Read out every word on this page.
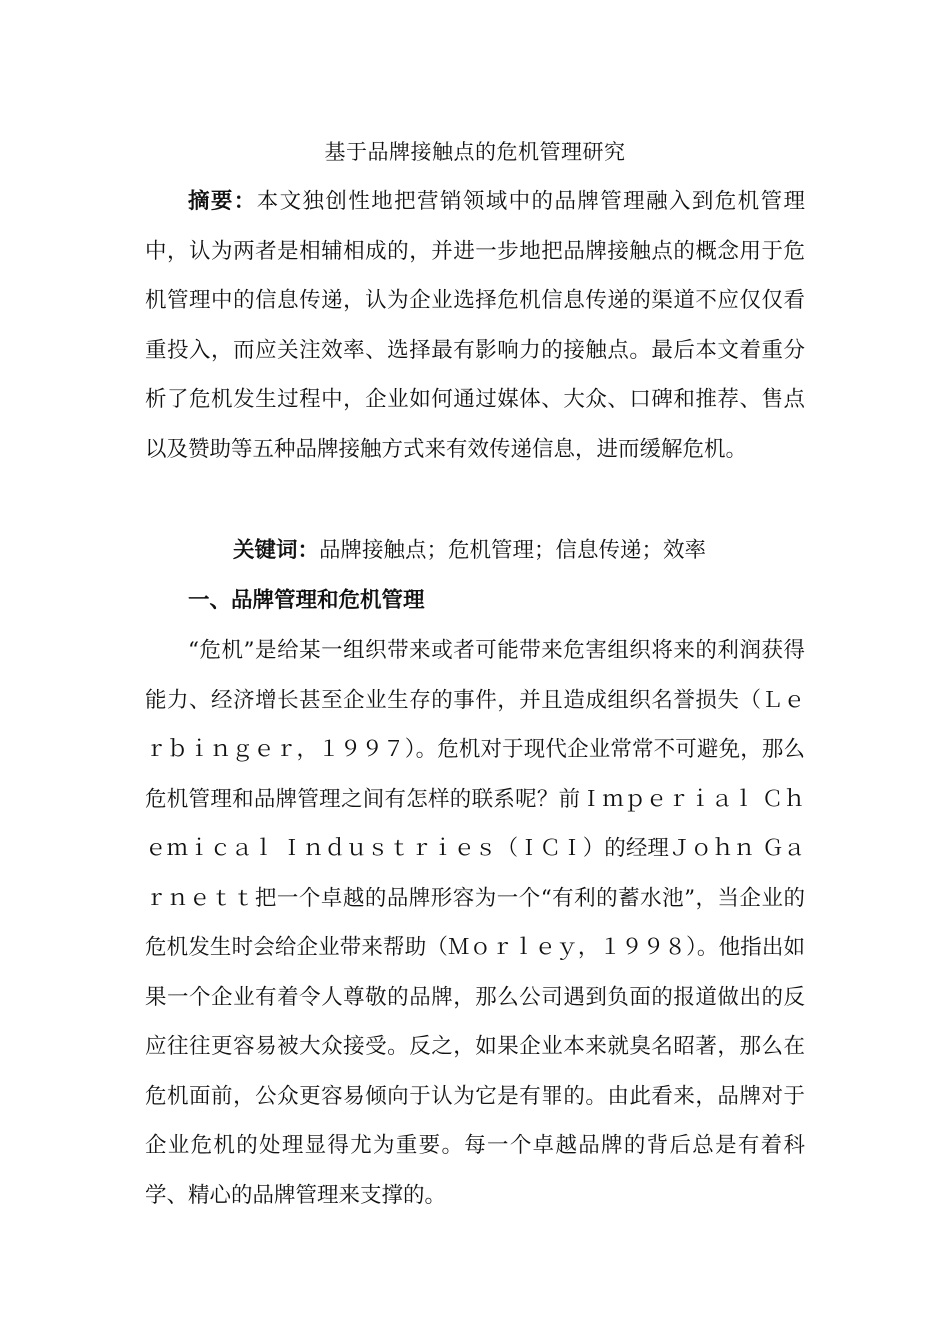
基于品牌接触点的危机管理研究
摘要：本文独创性地把营销领域中的品牌管理融入到危机管理中，认为两者是相辅相成的，并进一步地把品牌接触点的概念用于危机管理中的信息传递，认为企业选择危机信息传递的渠道不应仅仅看重投入，而应关注效率、选择最有影响力的接触点。最后本文着重分析了危机发生过程中，企业如何通过媒体、大众、口碑和推荐、售点以及赞助等五种品牌接触方式来有效传递信息，进而缓解危机。
关键词：品牌接触点；危机管理；信息传递；效率
一、品牌管理和危机管理
“危机”是给某一组织带来或者可能带来危害组织将来的利润获得能力、经济增长甚至企业生存的事件，并且造成组织名誉损失（Ｌｅｒｂｉｎｇｅｒ，１９９７）。危机对于现代企业常常不可避免，那么危机管理和品牌管理之间有怎样的联系呢？前Ｉｍｐｅｒｉａｌ Ｃｈｅｍｉｃａｌ Ｉｎｄｕｓｔｒｉｅｓ（ＩＣＩ）的经理Ｊｏｈｎ Ｇａｒｎｅｔｔ把一个卓越的品牌形容为一个“有利的蓄水池”，当企业的危机发生时会给企业带来帮助（Ｍｏｒｌｅｙ，１９９８）。他指出如果一个企业有着令人尊敬的品牌，那么公司遇到负面的报道做出的反应往往更容易被大众接受。反之，如果企业本来就臭名昭著，那么在危机面前，公众更容易倾向于认为它是有罪的。由此看来，品牌对于企业危机的处理显得尤为重要。每一个卓越品牌的背后总是有着科学、精心的品牌管理来支撑的。
